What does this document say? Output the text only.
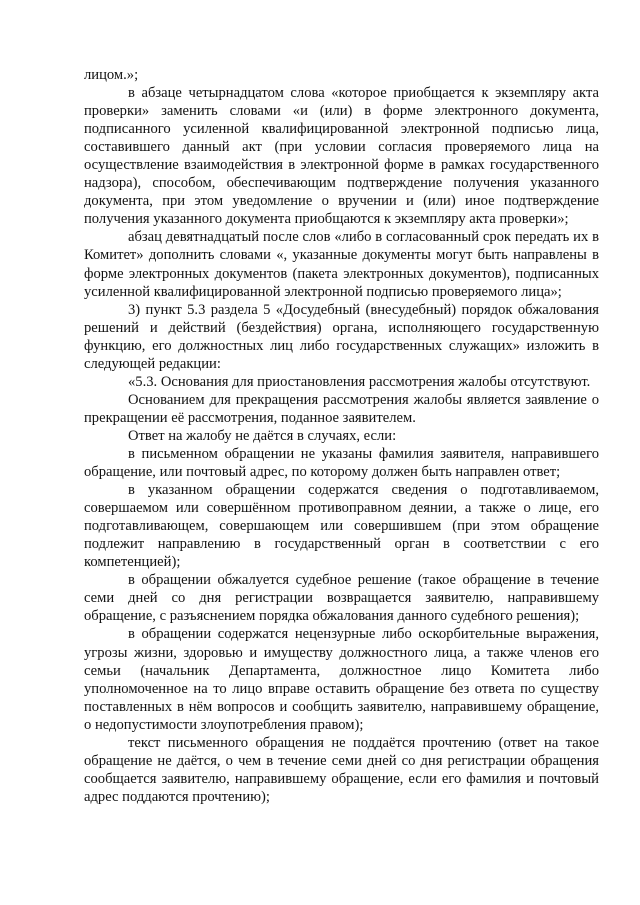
лицом.»;

в абзаце четырнадцатом слова «которое приобщается к экземпляру акта проверки» заменить словами «и (или) в форме электронного документа, подписанного усиленной квалифицированной электронной подписью лица, составившего данный акт (при условии согласия проверяемого лица на осуществление взаимодействия в электронной форме в рамках государственного надзора), способом, обеспечивающим подтверждение получения указанного документа, при этом уведомление о вручении и (или) иное подтверждение получения указанного документа приобщаются к экземпляру акта проверки»;

абзац девятнадцатый после слов «либо в согласованный срок передать их в Комитет» дополнить словами «, указанные документы могут быть направлены в форме электронных документов (пакета электронных документов), подписанных усиленной квалифицированной электронной подписью проверяемого лица»;

3) пункт 5.3 раздела 5 «Досудебный (внесудебный) порядок обжалования решений и действий (бездействия) органа, исполняющего государственную функцию, его должностных лиц либо государственных служащих» изложить в следующей редакции:

«5.3. Основания для приостановления рассмотрения жалобы отсутствуют.

Основанием для прекращения рассмотрения жалобы является заявление о прекращении её рассмотрения, поданное заявителем.

Ответ на жалобу не даётся в случаях, если:

в письменном обращении не указаны фамилия заявителя, направившего обращение, или почтовый адрес, по которому должен быть направлен ответ;

в указанном обращении содержатся сведения о подготавливаемом, совершаемом или совершённом противоправном деянии, а также о лице, его подготавливающем, совершающем или совершившем (при этом обращение подлежит направлению в государственный орган в соответствии с его компетенцией);

в обращении обжалуется судебное решение (такое обращение в течение семи дней со дня регистрации возвращается заявителю, направившему обращение, с разъяснением порядка обжалования данного судебного решения);

в обращении содержатся нецензурные либо оскорбительные выражения, угрозы жизни, здоровью и имуществу должностного лица, а также членов его семьи (начальник Департамента, должностное лицо Комитета либо уполномоченное на то лицо вправе оставить обращение без ответа по существу поставленных в нём вопросов и сообщить заявителю, направившему обращение, о недопустимости злоупотребления правом);

текст письменного обращения не поддаётся прочтению (ответ на такое обращение не даётся, о чем в течение семи дней со дня регистрации обращения сообщается заявителю, направившему обращение, если его фамилия и почтовый адрес поддаются прочтению);
